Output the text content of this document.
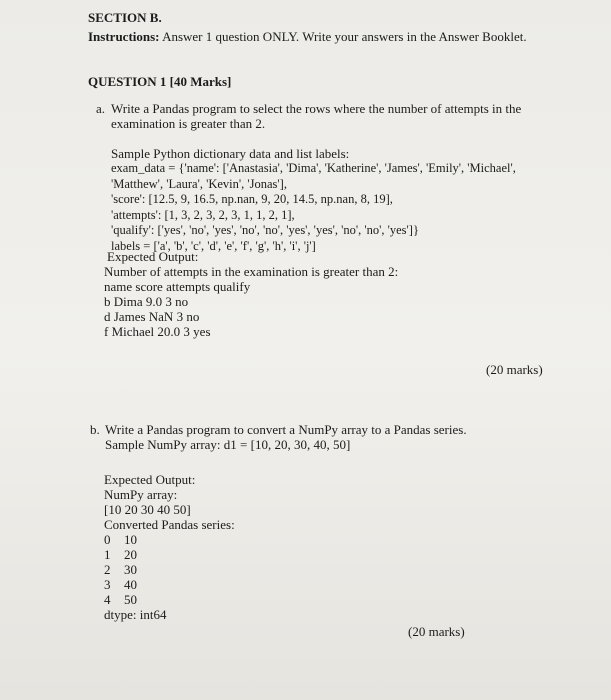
SECTION B.
Instructions: Answer 1 question ONLY. Write your answers in the Answer Booklet.
QUESTION 1 [40 Marks]
a. Write a Pandas program to select the rows where the number of attempts in the
examination is greater than 2.
Sample Python dictionary data and list labels:
exam_data = {'name': ['Anastasia', 'Dima', 'Katherine', 'James', 'Emily', 'Michael',
'Matthew', 'Laura', 'Kevin', 'Jonas'],
'score': [12.5, 9, 16.5, np.nan, 9, 20, 14.5, np.nan, 8, 19],
'attempts': [1, 3, 2, 3, 2, 3, 1, 1, 2, 1],
'qualify': ['yes', 'no', 'yes', 'no', 'no', 'yes', 'yes', 'no', 'no', 'yes']}
labels = ['a', 'b', 'c', 'd', 'e', 'f', 'g', 'h', 'i', 'j']
Expected Output:
Number of attempts in the examination is greater than 2:
name score attempts qualify
b Dima 9.0 3 no
d James NaN 3 no
f Michael 20.0 3 yes
(20 marks)
b. Write a Pandas program to convert a NumPy array to a Pandas series.
Sample NumPy array: d1 = [10, 20, 30, 40, 50]
Expected Output:
NumPy array:
[10 20 30 40 50]
Converted Pandas series:
0	10
1	20
2	30
3	40
4	50
dtype: int64
(20 marks)
